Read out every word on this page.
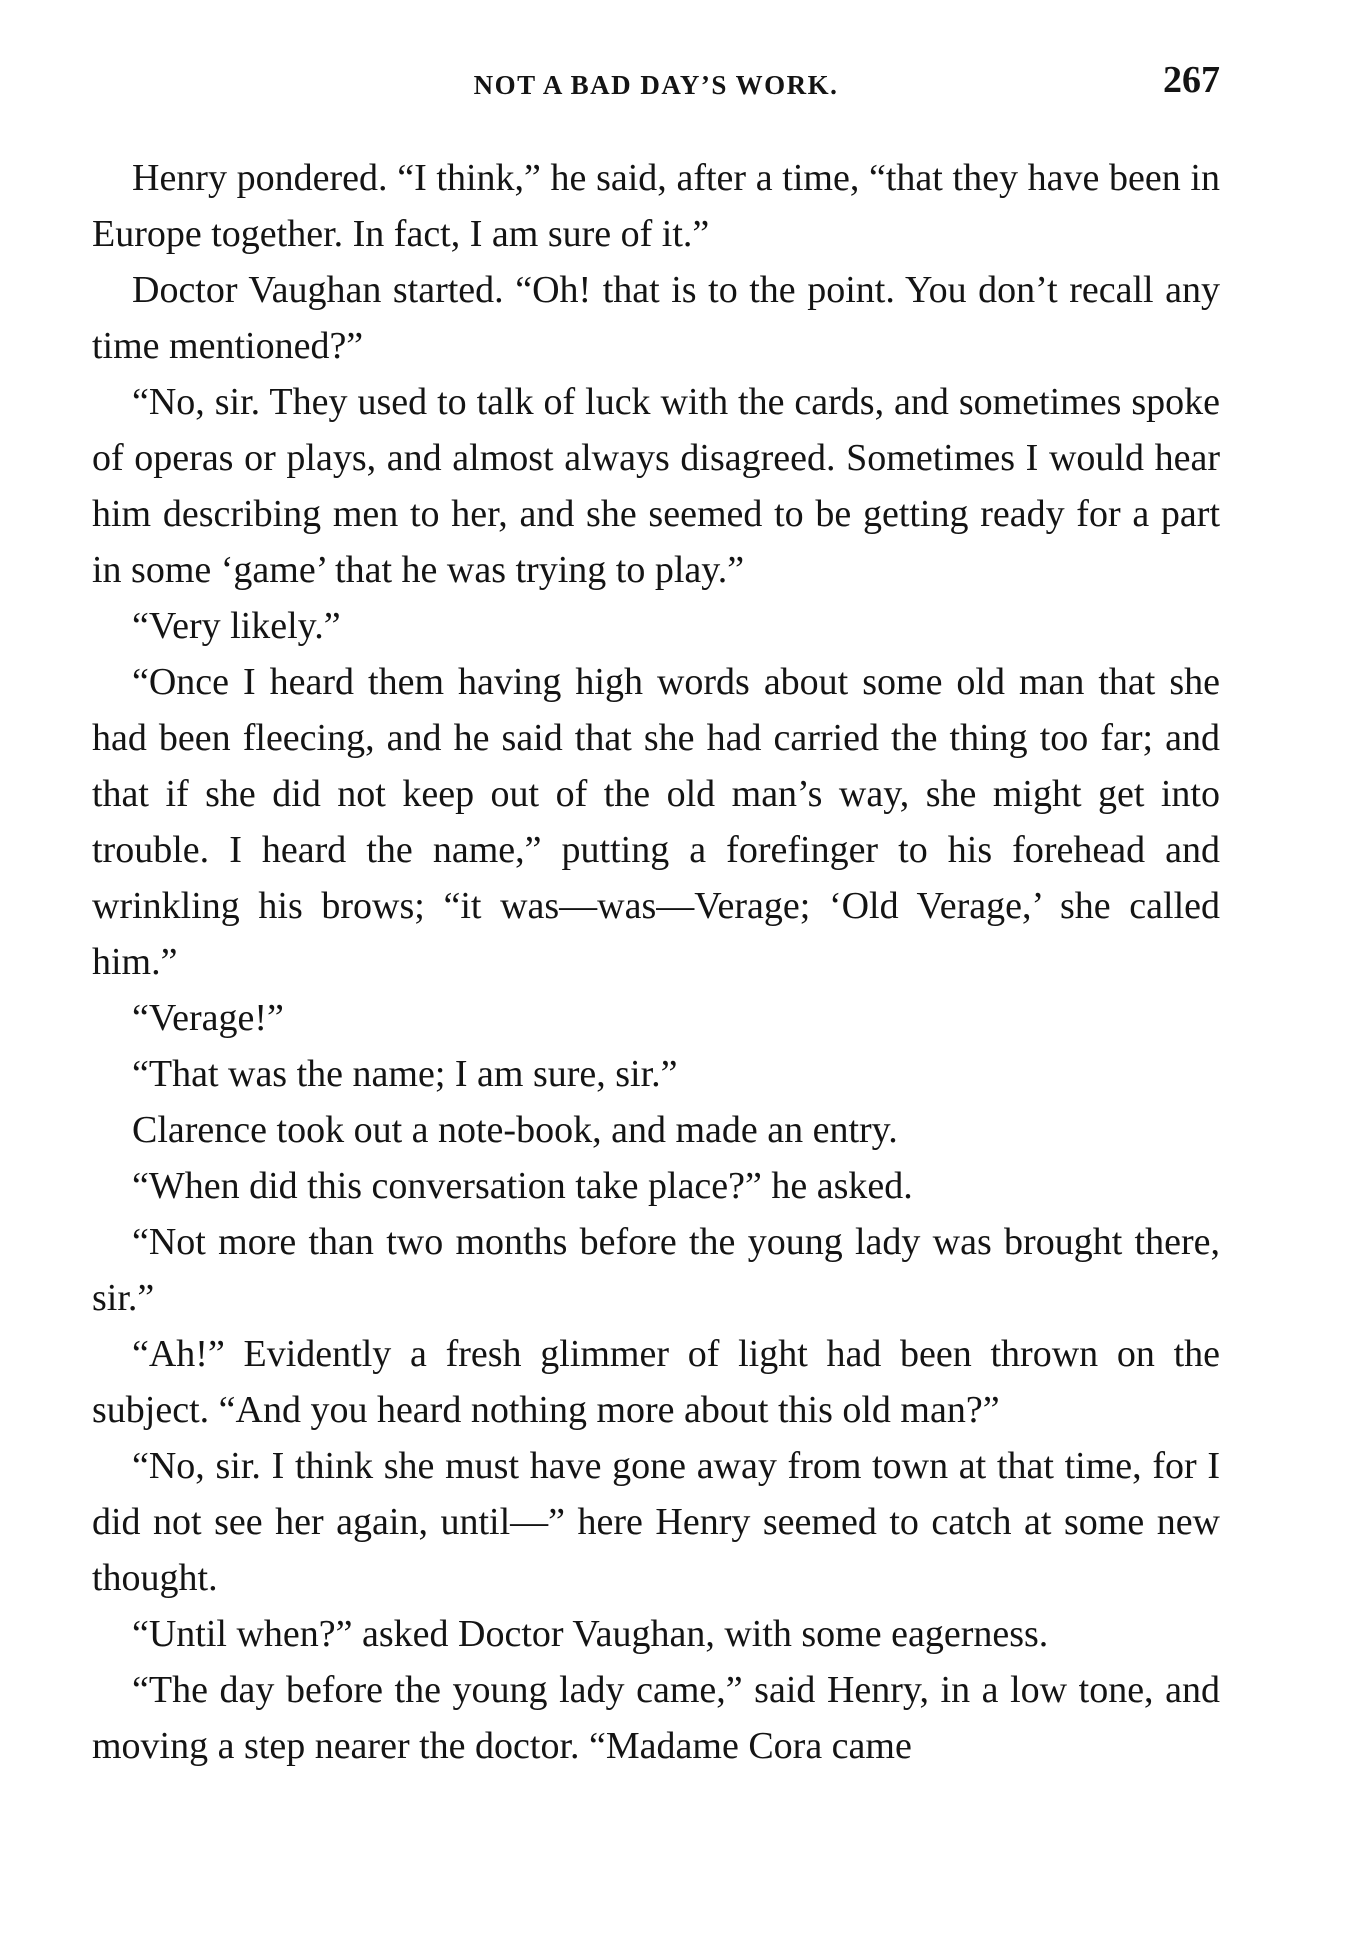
NOT A BAD DAY’S WORK.	267

Henry pondered. “I think,” he said, after a time, “that they have been in Europe together. In fact, I am sure of it.”

Doctor Vaughan started. “Oh! that is to the point. You don’t recall any time mentioned?”

“No, sir. They used to talk of luck with the cards, and sometimes spoke of operas or plays, and almost always disagreed. Sometimes I would hear him describing men to her, and she seemed to be getting ready for a part in some ‘game’ that he was trying to play.”

“Very likely.”

“Once I heard them having high words about some old man that she had been fleecing, and he said that she had carried the thing too far; and that if she did not keep out of the old man’s way, she might get into trouble. I heard the name,” putting a forefinger to his forehead and wrinkling his brows; “it was—was—Verage; ‘Old Verage,’ she called him.”

“Verage!”

“That was the name; I am sure, sir.”

Clarence took out a note-book, and made an entry.

“When did this conversation take place?” he asked.

“Not more than two months before the young lady was brought there, sir.”

“Ah!” Evidently a fresh glimmer of light had been thrown on the subject. “And you heard nothing more about this old man?”

“No, sir. I think she must have gone away from town at that time, for I did not see her again, until—” here Henry seemed to catch at some new thought.

“Until when?” asked Doctor Vaughan, with some eagerness.

“The day before the young lady came,” said Henry, in a low tone, and moving a step nearer the doctor. “Madame Cora came
